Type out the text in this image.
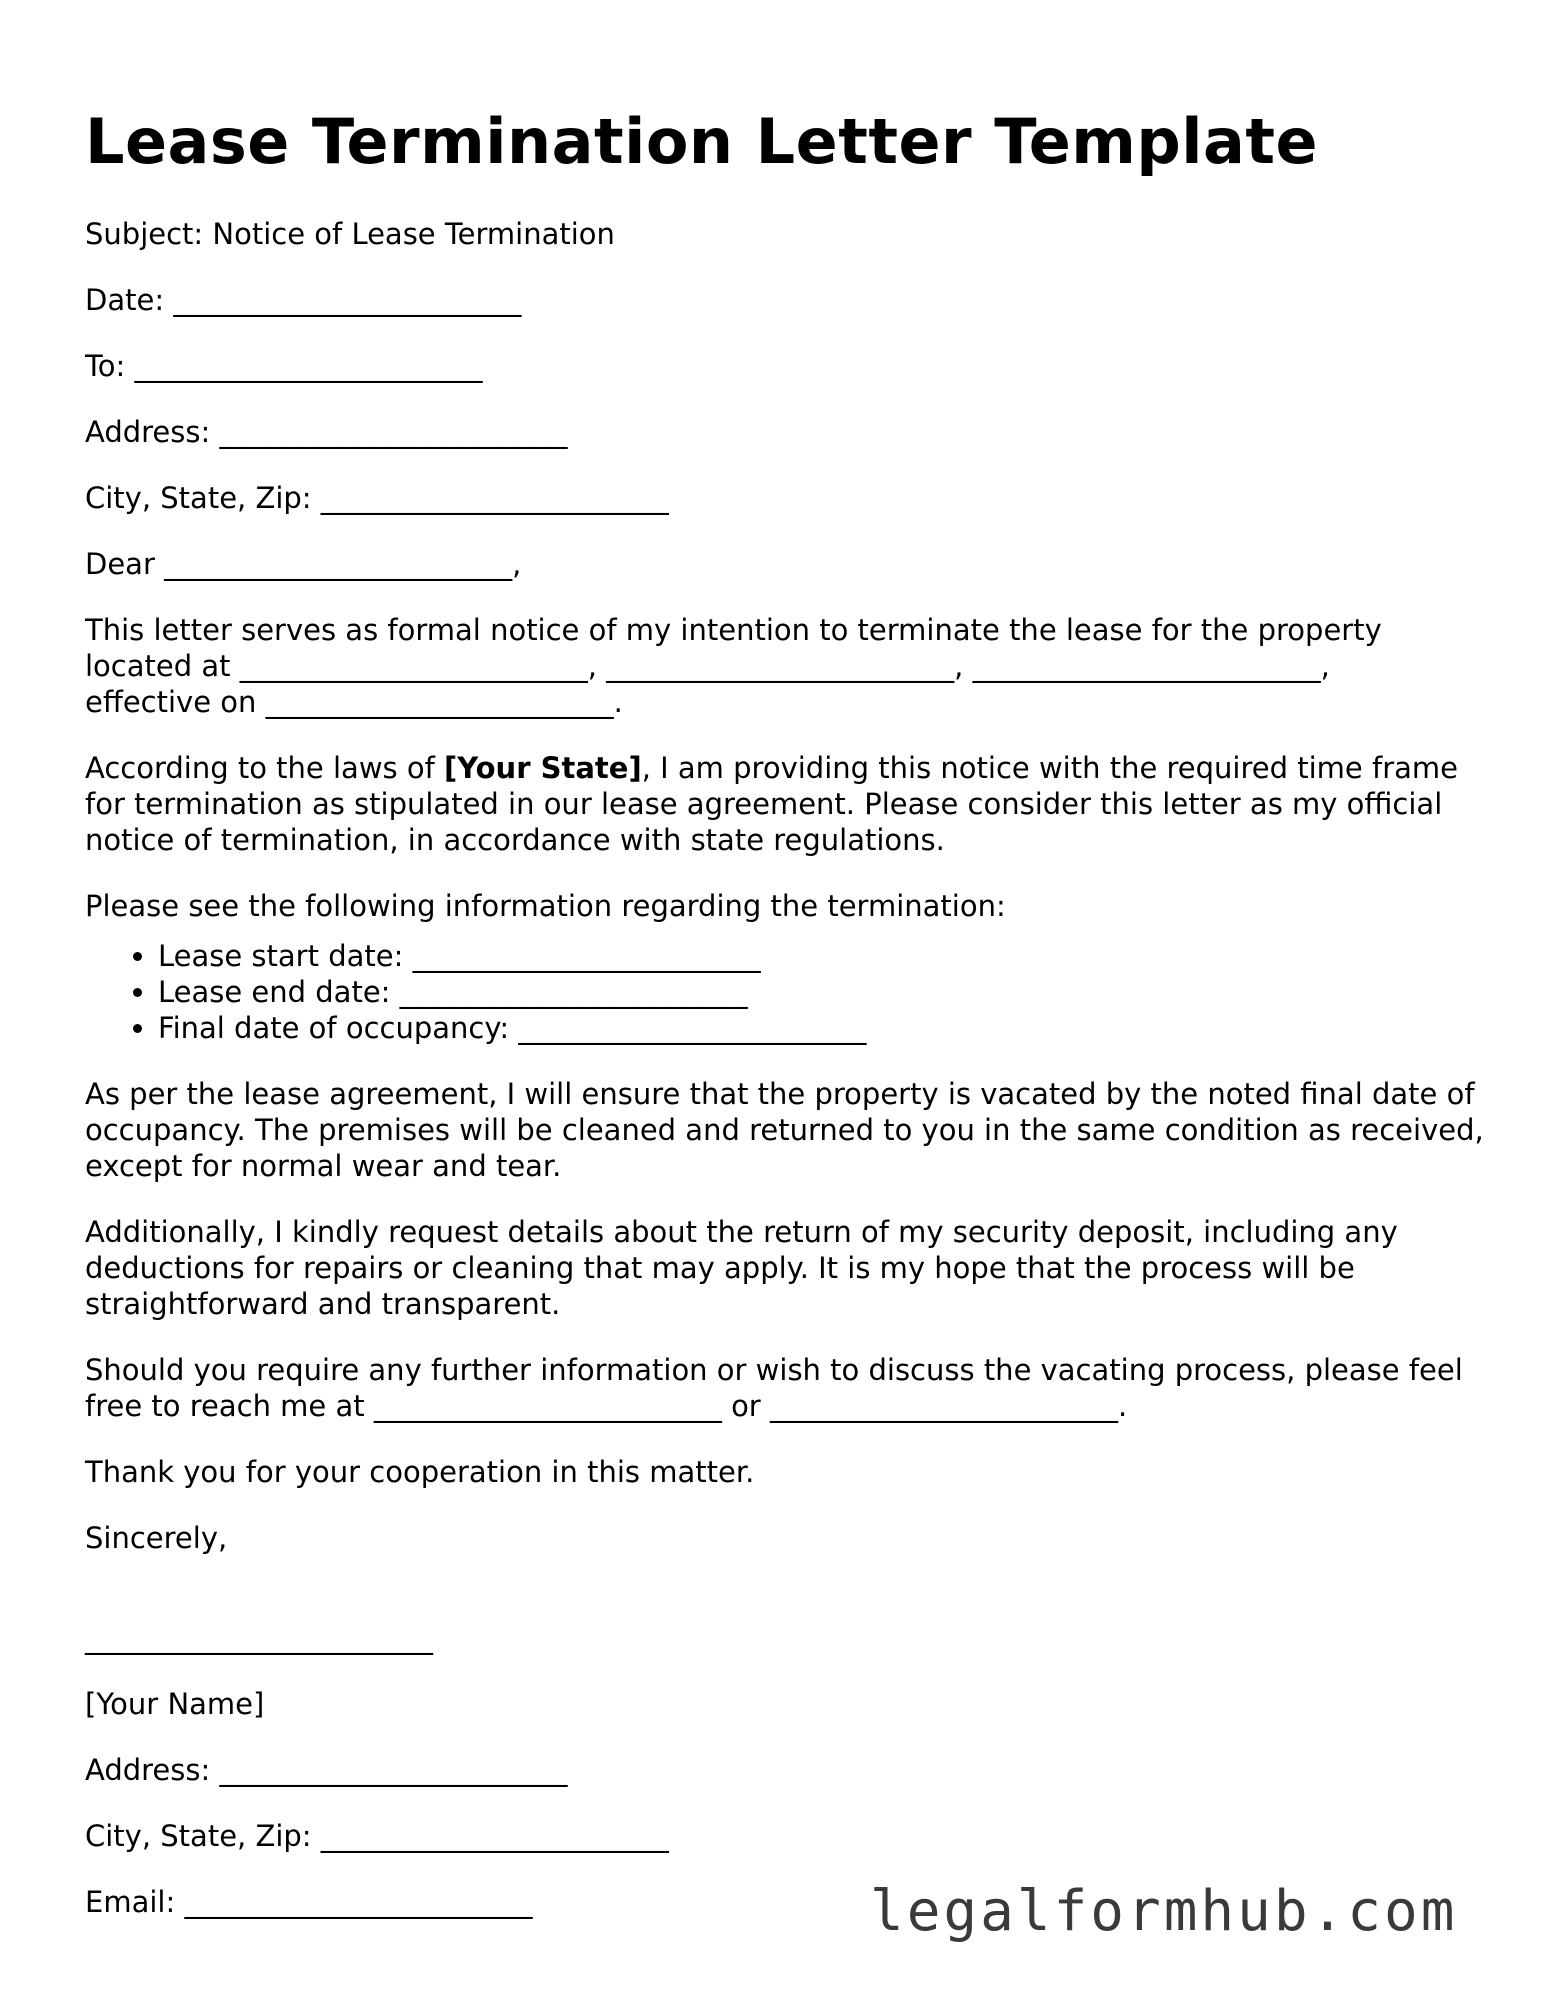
Lease Termination Letter Template
Subject: Notice of Lease Termination
Date: ________________________
To: ________________________
Address: ________________________
City, State, Zip: ________________________
Dear ________________________,
This letter serves as formal notice of my intention to terminate the lease for the property
located at ________________________, ________________________, ________________________,
effective on ________________________.
According to the laws of [Your State], I am providing this notice with the required time frame for termination as stipulated in our lease agreement. Please consider this letter as my official notice of termination, in accordance with state regulations.
Please see the following information regarding the termination:
• Lease start date: ________________________
• Lease end date: ________________________
• Final date of occupancy: ________________________
As per the lease agreement, I will ensure that the property is vacated by the noted final date of occupancy. The premises will be cleaned and returned to you in the same condition as received, except for normal wear and tear.
Additionally, I kindly request details about the return of my security deposit, including any deductions for repairs or cleaning that may apply. It is my hope that the process will be straightforward and transparent.
Should you require any further information or wish to discuss the vacating process, please feel free to reach me at ________________________ or ________________________.
Thank you for your cooperation in this matter.
Sincerely,
________________________
[Your Name]
Address: ________________________
City, State, Zip: ________________________
Email: ________________________	legalformhub.com
